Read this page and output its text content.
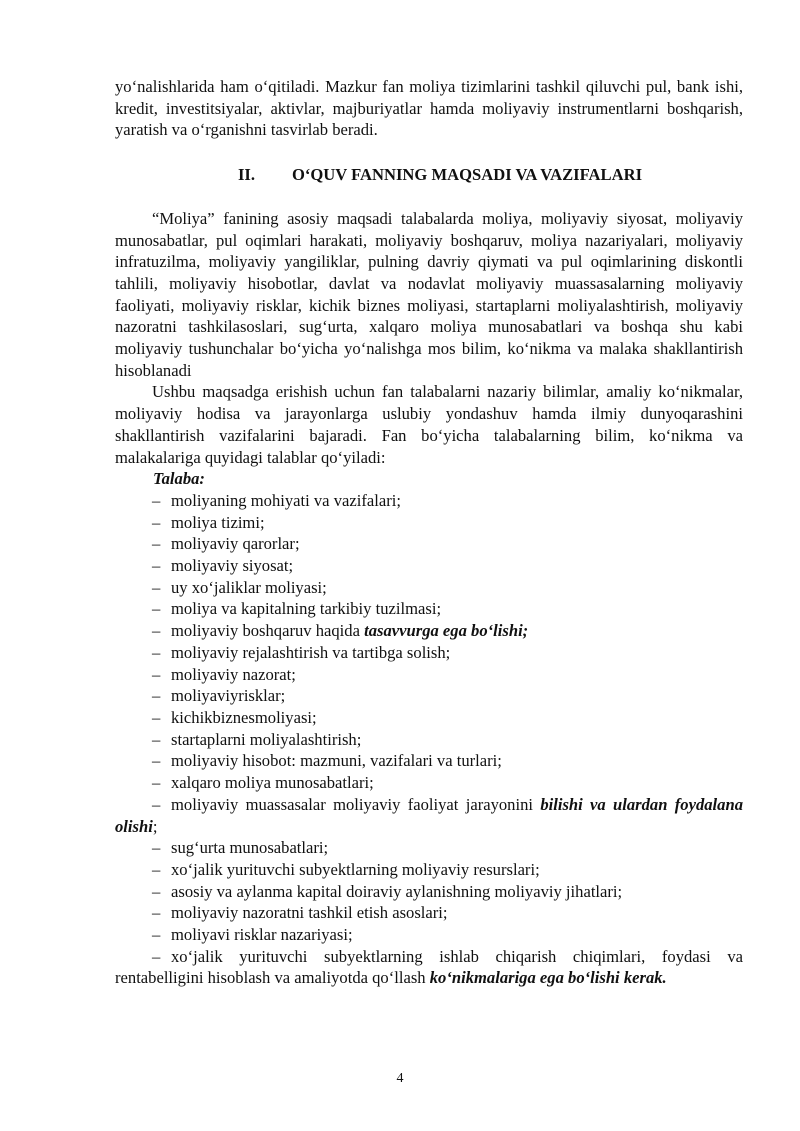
yo‘nalishlarida ham o‘qitiladi. Mazkur fan moliya tizimlarini tashkil qiluvchi pul, bank ishi, kredit, investitsiyalar, aktivlar, majburiyatlar hamda moliyaviy instrumentlarni boshqarish, yaratish va o‘rganishni tasvirlab beradi.

II. O‘QUV FANNING MAQSADI VA VAZIFALARI

“Moliya” fanining asosiy maqsadi talabalarda moliya, moliyaviy siyosat, moliyaviy munosabatlar, pul oqimlari harakati, moliyaviy boshqaruv, moliya nazariyalari, moliyaviy infratuzilma, moliyaviy yangiliklar, pulning davriy qiymati va pul oqimlarining diskontli tahlili, moliyaviy hisobotlar, davlat va nodavlat moliyaviy muassasalarning moliyaviy faoliyati, moliyaviy risklar, kichik biznes moliyasi, startaplarni moliyalashtirish, moliyaviy nazoratni tashkilasoslari, sug‘urta, xalqaro moliya munosabatlari va boshqa shu kabi moliyaviy tushunchalar bo‘yicha yo‘nalishga mos bilim, ko‘nikma va malaka shakllantirish hisoblanadi

Ushbu maqsadga erishish uchun fan talabalarni nazariy bilimlar, amaliy ko‘nikmalar, moliyaviy hodisa va jarayonlarga uslubiy yondashuv hamda ilmiy dunyoqarashini shakllantirish vazifalarini bajaradi. Fan bo‘yicha talabalarning bilim, ko‘nikma va malakalariga quyidagi talablar qo‘yiladi:

Talaba:

– moliyaning mohiyati va vazifalari;
– moliya tizimi;
– moliyaviy qarorlar;
– moliyaviy siyosat;
– uy xo‘jaliklar moliyasi;
– moliya va kapitalning tarkibiy tuzilmasi;
– moliyaviy boshqaruv haqida tasavvurga ega bo‘lishi;
– moliyaviy rejalashtirish va tartibga solish;
– moliyaviy nazorat;
– moliyaviyrisklar;
– kichikbiznesmoliyasi;
– startaplarni moliyalashtirish;
– moliyaviy hisobot: mazmuni, vazifalari va turlari;
– xalqaro moliya munosabatlari;

– moliyaviy muassasalar moliyaviy faoliyat jarayonini bilishi va ulardan foydalana olishi;

– sug‘urta munosabatlari;
– xo‘jalik yurituvchi subyektlarning moliyaviy resurslari;
– asosiy va aylanma kapital doiraviy aylanishning moliyaviy jihatlari;
– moliyaviy nazoratni tashkil etish asoslari;
– moliyavi risklar nazariyasi;

– xo‘jalik yurituvchi subyektlarning ishlab chiqarish chiqimlari, foydasi va rentabelligini hisoblash va amaliyotda qo‘llash ko‘nikmalariga ega bo‘lishi kerak.

4
